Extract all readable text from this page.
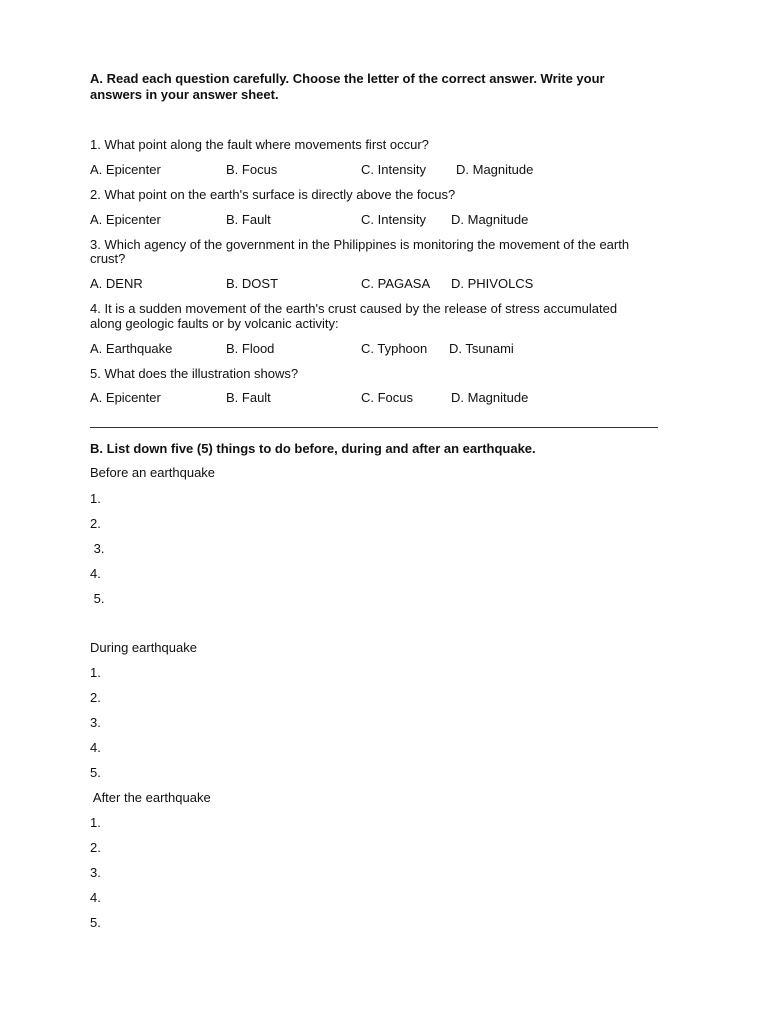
A. Read each question carefully. Choose the letter of the correct answer. Write your
answers in your answer sheet.
1. What point along the fault where movements first occur?
A. Epicenter	B. Focus	C. Intensity D. Magnitude
2. What point on the earth's surface is directly above the focus?
A. Epicenter	B. Fault	C. Intensity D. Magnitude
3. Which agency of the government in the Philippines is monitoring the movement of the earth
crust?
A. DENR	B. DOST	C. PAGASA D. PHIVOLCS
4. It is a sudden movement of the earth's crust caused by the release of stress accumulated
along geologic faults or by volcanic activity:
A. Earthquake	B. Flood	C. Typhoon D. Tsunami
5. What does the illustration shows?
A. Epicenter	B. Fault	C. Focus	D. Magnitude
B. List down five (5) things to do before, during and after an earthquake.
Before an earthquake
1.
2.
3.
4.
5.
During earthquake
1.
2.
3.
4.
5.
After the earthquake
1.
2.
3.
4.
5.
